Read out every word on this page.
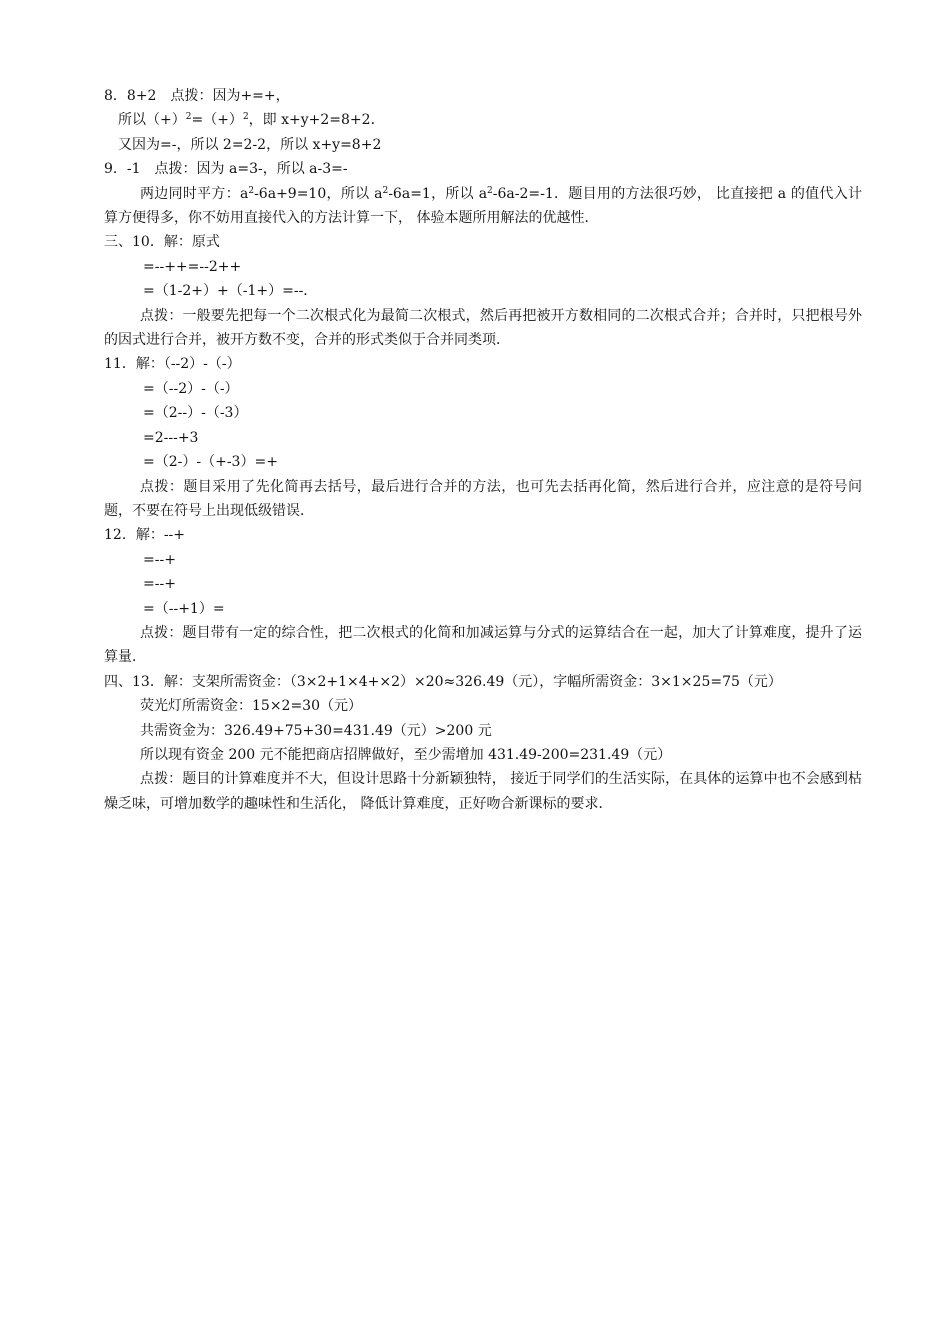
8．8+2　点拨：因为+=+，
所以$(+)^2=(+)^2$，即 x+y+2=8+2．
又因为=-，所以 2=2-2，所以 x+y=8+2
9．-1　点拨：因为 a=3-，所以 a-3=-
两边同时平方：$a^2-6a+9=10$，所以 $a^2-6a=1$，所以 $a^2-6a-2=-1$．题目用的方法很巧妙， 比直接把 a 的值代入计算方便得多，你不妨用直接代入的方法计算一下， 体验本题所用解法的优越性．
三、10．解：原式
=--++=--2++
=（1-2+）+（-1+）=--．
点拨：一般要先把每一个二次根式化为最简二次根式，然后再把被开方数相同的二次根式合并；合并时，只把根号外的因式进行合并，被开方数不变，合并的形式类似于合并同类项．
11．解：（--2）-（-）
=（--2）-（-）
=（2--）-（-3）
=2---+3
=（2-）-（+-3）=+
点拨：题目采用了先化简再去括号，最后进行合并的方法，也可先去括再化简，然后进行合并，应注意的是符号问题，不要在符号上出现低级错误．
12．解：--+
=--+
=--+
=（--+1）=
点拨：题目带有一定的综合性，把二次根式的化简和加减运算与分式的运算结合在一起，加大了计算难度，提升了运算量．
四、13．解：支架所需资金：（3×2+1×4+×2）×20≈326.49（元），字幅所需资金：3×1×25=75（元）
荧光灯所需资金：15×2=30（元）
共需资金为：326.49+75+30=431.49（元）>200 元
所以现有资金 200 元不能把商店招牌做好，至少需增加 431.49-200=231.49（元）
点拨：题目的计算难度并不大，但设计思路十分新颖独特， 接近于同学们的生活实际，在具体的运算中也不会感到枯燥乏味，可增加数学的趣味性和生活化， 降低计算难度，正好吻合新课标的要求．
